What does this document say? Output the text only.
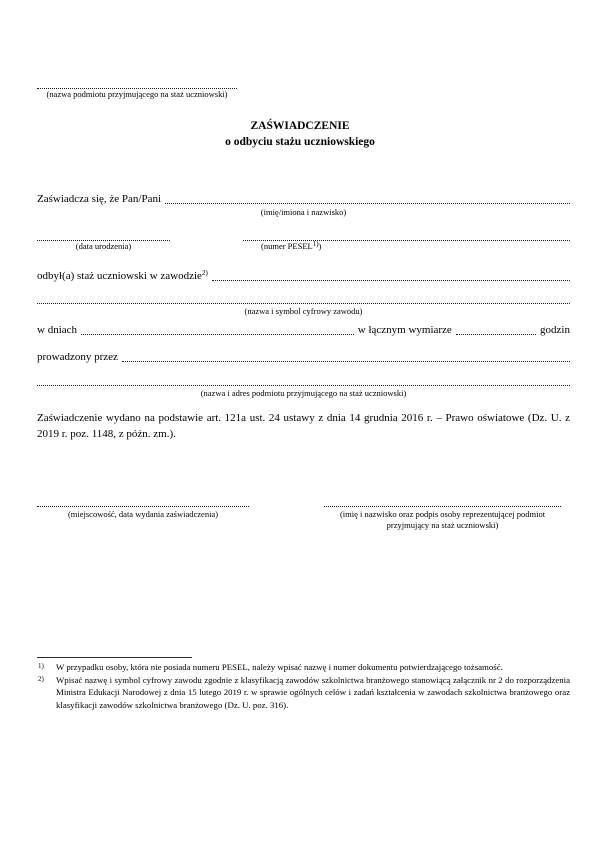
(nazwa podmiotu przyjmującego na staż uczniowski)
ZAŚWIADCZENIE
o odbyciu stażu uczniowskiego
Zaświadcza się, że Pan/Pani
(imię/imiona i nazwisko)
(data urodzenia)	(numer PESEL$^{1)}$)
odbył(a) staż uczniowski w zawodzie 2)
(nazwa i symbol cyfrowy zawodu)
w dniach	w łącznym wymiarze	godzin
prowadzony przez
(nazwa i adres podmiotu przyjmującego na staż uczniowski)
Zaświadczenie wydano na podstawie art. 121a ust. 24 ustawy z dnia 14 grudnia 2016 r. – Prawo oświatowe (Dz. U. z 2019 r. poz. 1148, z późn. zm.).
(miejscowość, data wydania zaświadczenia)	(imię i nazwisko oraz podpis osoby reprezentującej podmiot
przyjmujący na staż uczniowski)
1) W przypadku osoby, która nie posiada numeru PESEL, należy wpisać nazwę i numer dokumentu potwierdzającego tożsamość.
2) Wpisać nazwę i symbol cyfrowy zawodu zgodnie z klasyfikacją zawodów szkolnictwa branżowego stanowiącą załącznik nr 2 do rozporządzenia Ministra Edukacji Narodowej z dnia 15 lutego 2019 r. w sprawie ogólnych celów i zadań kształcenia w zawodach szkolnictwa branżowego oraz klasyfikacji zawodów szkolnictwa branżowego (Dz. U. poz. 316).
